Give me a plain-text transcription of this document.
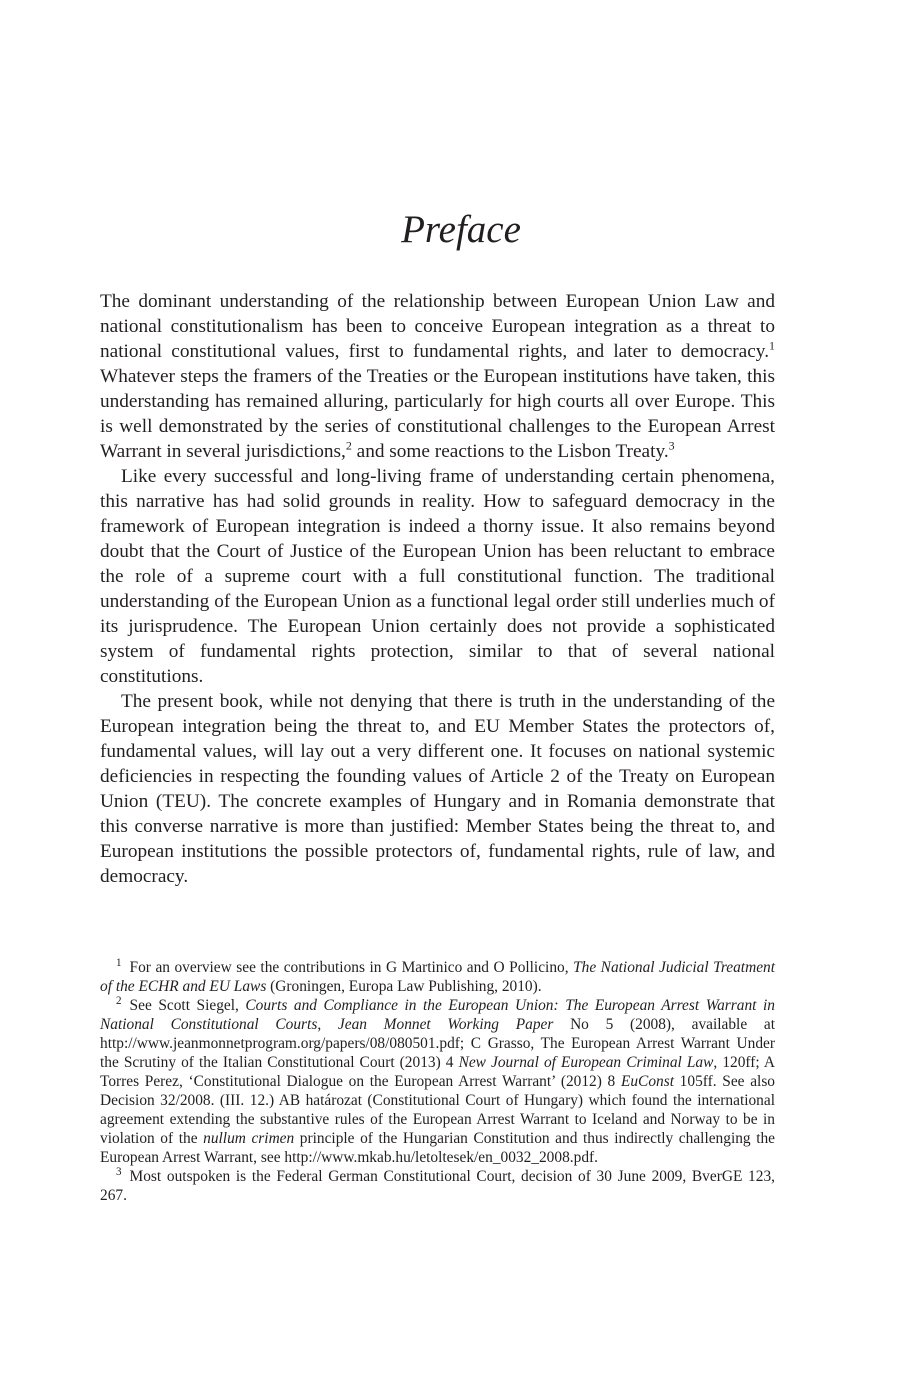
Preface

The dominant understanding of the relationship between European Union Law and national constitutionalism has been to conceive European integration as a threat to national constitutional values, first to fundamental rights, and later to democracy.$^1$ Whatever steps the framers of the Treaties or the European institutions have taken, this understanding has remained alluring, particularly for high courts all over Europe. This is well demonstrated by the series of constitutional challenges to the European Arrest Warrant in several jurisdictions,$^2$ and some reactions to the Lisbon Treaty.$^3$

Like every successful and long-living frame of understanding certain phenomena, this narrative has had solid grounds in reality. How to safeguard democracy in the framework of European integration is indeed a thorny issue. It also remains beyond doubt that the Court of Justice of the European Union has been reluctant to embrace the role of a supreme court with a full constitutional function. The traditional understanding of the European Union as a functional legal order still underlies much of its jurisprudence. The European Union certainly does not provide a sophisticated system of fundamental rights protection, similar to that of several national constitutions.

The present book, while not denying that there is truth in the understanding of the European integration being the threat to, and EU Member States the protectors of, fundamental values, will lay out a very different one. It focuses on national systemic deficiencies in respecting the founding values of Article 2 of the Treaty on European Union (TEU). The concrete examples of Hungary and in Romania demonstrate that this converse narrative is more than justified: Member States being the threat to, and European institutions the possible protectors of, fundamental rights, rule of law, and democracy.

$^1$ For an overview see the contributions in G Martinico and O Pollicino, The National Judicial Treatment of the ECHR and EU Laws (Groningen, Europa Law Publishing, 2010).

$^2$ See Scott Siegel, Courts and Compliance in the European Union: The European Arrest Warrant in National Constitutional Courts, Jean Monnet Working Paper No 5 (2008), available at http://www.jeanmonnetprogram.org/papers/08/080501.pdf; C Grasso, The European Arrest Warrant Under the Scrutiny of the Italian Constitutional Court (2013) 4 New Journal of European Criminal Law, 120ff; A Torres Perez, ‘Constitutional Dialogue on the European Arrest Warrant’ (2012) 8 EuConst 105ff. See also Decision 32/2008. (III. 12.) AB határozat (Constitutional Court of Hungary) which found the international agreement extending the substantive rules of the European Arrest Warrant to Iceland and Norway to be in violation of the nullum crimen principle of the Hungarian Constitution and thus indirectly challenging the European Arrest Warrant, see http://www.mkab.hu/letoltesek/en_0032_2008.pdf.

$^3$ Most outspoken is the Federal German Constitutional Court, decision of 30 June 2009, BverGE 123, 267.
